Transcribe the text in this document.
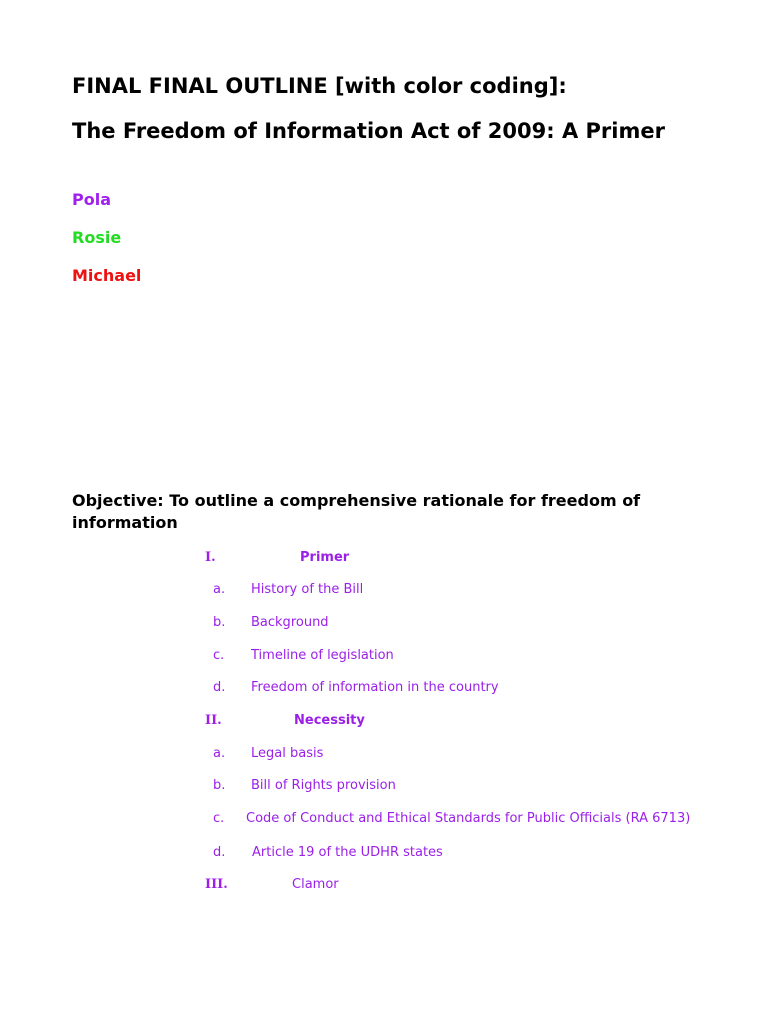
FINAL FINAL OUTLINE [with color coding]:
The Freedom of Information Act of 2009: A Primer
Pola
Rosie
Michael
Objective: To outline a comprehensive rationale for freedom of information
I.	Primer
a. History of the Bill
b. Background
c. Timeline of legislation
d. Freedom of information in the country
II.	Necessity
a. Legal basis
b. Bill of Rights provision
c. Code of Conduct and Ethical Standards for Public Officials (RA 6713)
d. Article 19 of the UDHR states
III.	Clamor
